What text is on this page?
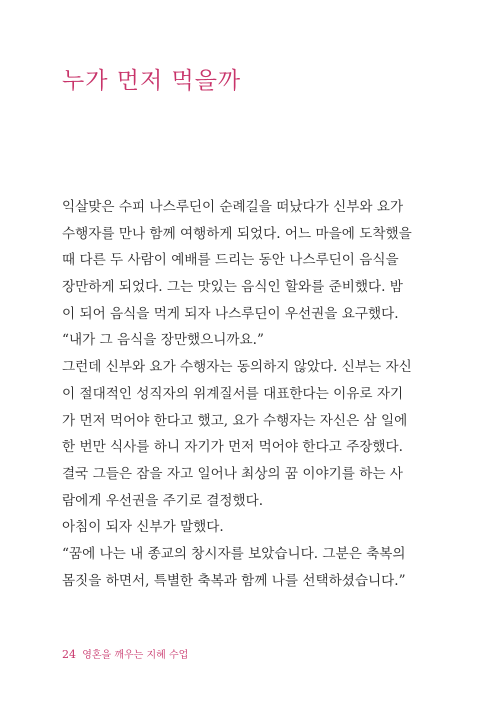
누가 먼저 먹을까
익살맞은 수피 나스루딘이 순례길을 떠났다가 신부와 요가
수행자를 만나 함께 여행하게 되었다. 어느 마을에 도착했을
때 다른 두 사람이 예배를 드리는 동안 나스루딘이 음식을
장만하게 되었다. 그는 맛있는 음식인 할와를 준비했다. 밤
이 되어 음식을 먹게 되자 나스루딘이 우선권을 요구했다.
“내가 그 음식을 장만했으니까요.”
그런데 신부와 요가 수행자는 동의하지 않았다. 신부는 자신
이 절대적인 성직자의 위계질서를 대표한다는 이유로 자기
가 먼저 먹어야 한다고 했고, 요가 수행자는 자신은 삼 일에
한 번만 식사를 하니 자기가 먼저 먹어야 한다고 주장했다.
결국 그들은 잠을 자고 일어나 최상의 꿈 이야기를 하는 사
람에게 우선권을 주기로 결정했다.
아침이 되자 신부가 말했다.
“꿈에 나는 내 종교의 창시자를 보았습니다. 그분은 축복의
몸짓을 하면서, 특별한 축복과 함께 나를 선택하셨습니다.”
24 영혼을 깨우는 지혜 수업
